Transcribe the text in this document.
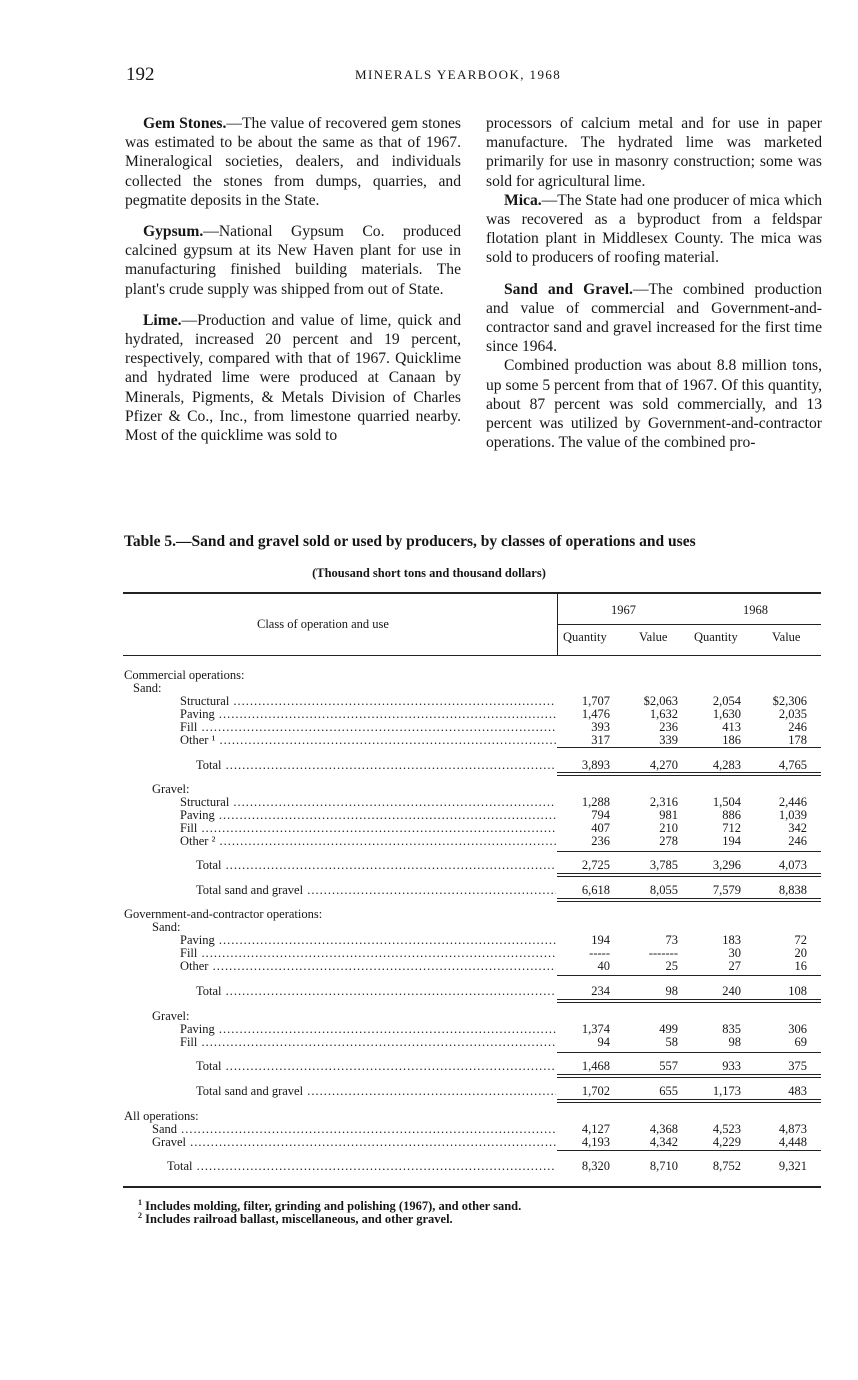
192	MINERALS YEARBOOK, 1968

Gem Stones.—The value of recovered gem stones was estimated to be about the same as that of 1967. Mineralogical societies, dealers, and individuals collected the stones from dumps, quarries, and pegmatite deposits in the State.

Gypsum.—National Gypsum Co. produced calcined gypsum at its New Haven plant for use in manufacturing finished building materials. The plant's crude supply was shipped from out of State.

Lime.—Production and value of lime, quick and hydrated, increased 20 percent and 19 percent, respectively, compared with that of 1967. Quicklime and hydrated lime were produced at Canaan by Minerals, Pigments, & Metals Division of Charles Pfizer & Co., Inc., from limestone quarried nearby. Most of the quicklime was sold to

processors of calcium metal and for use in paper manufacture. The hydrated lime was marketed primarily for use in masonry construction; some was sold for agricultural lime.

Mica.—The State had one producer of mica which was recovered as a byproduct from a feldspar flotation plant in Middlesex County. The mica was sold to producers of roofing material.

Sand and Gravel.—The combined production and value of commercial and Government-and-contractor sand and gravel increased for the first time since 1964.

Combined production was about 8.8 million tons, up some 5 percent from that of 1967. Of this quantity, about 87 percent was sold commercially, and 13 percent was utilized by Government-and-contractor operations. The value of the combined pro-

Table 5.—Sand and gravel sold or used by producers, by classes of operations and uses
(Thousand short tons and thousand dollars)
Class of operation and use
1967	1968
Quantity	Value Quantity	Value
Commercial operations:
Sand:
Structural .....	1,707	$2,063	2,054	$2,306
Paving .....	1,476	1,632	1,630	2,035
Fill .....	393	236	413	246
Other ¹ .....	317	339	186	178
Total .....	3,893	4,270	4,283	4,765
Gravel:
Structural .....	1,288	2,316	1,504	2,446
Paving .....	794	981	886	1,039
Fill .....	407	210	712	342
Other ² .....	236	278	194	246
Total .....	2,725	3,785	3,296	4,073
Total sand and gravel .....	6,618	8,055	7,579	8,838
Government-and-contractor operations:
Sand:
Paving .....	194	73	183	72
Fill .....	-----	-------	30	20
Other .....	40	25	27	16
Total .....	234	98	240	108
Gravel:
Paving .....	1,374	499	835	306
Fill .....	94	58	98	69
Total .....	1,468	557	933	375
Total sand and gravel .....	1,702	655	1,173	483
All operations:
Sand .....	4,127	4,368	4,523	4,873
Gravel .....	4,193	4,342	4,229	4,448
Total .....	8,320	8,710	8,752	9,321
$^1$ Includes molding, filter, grinding and polishing (1967), and other sand.
$^2$ Includes railroad ballast, miscellaneous, and other gravel.
